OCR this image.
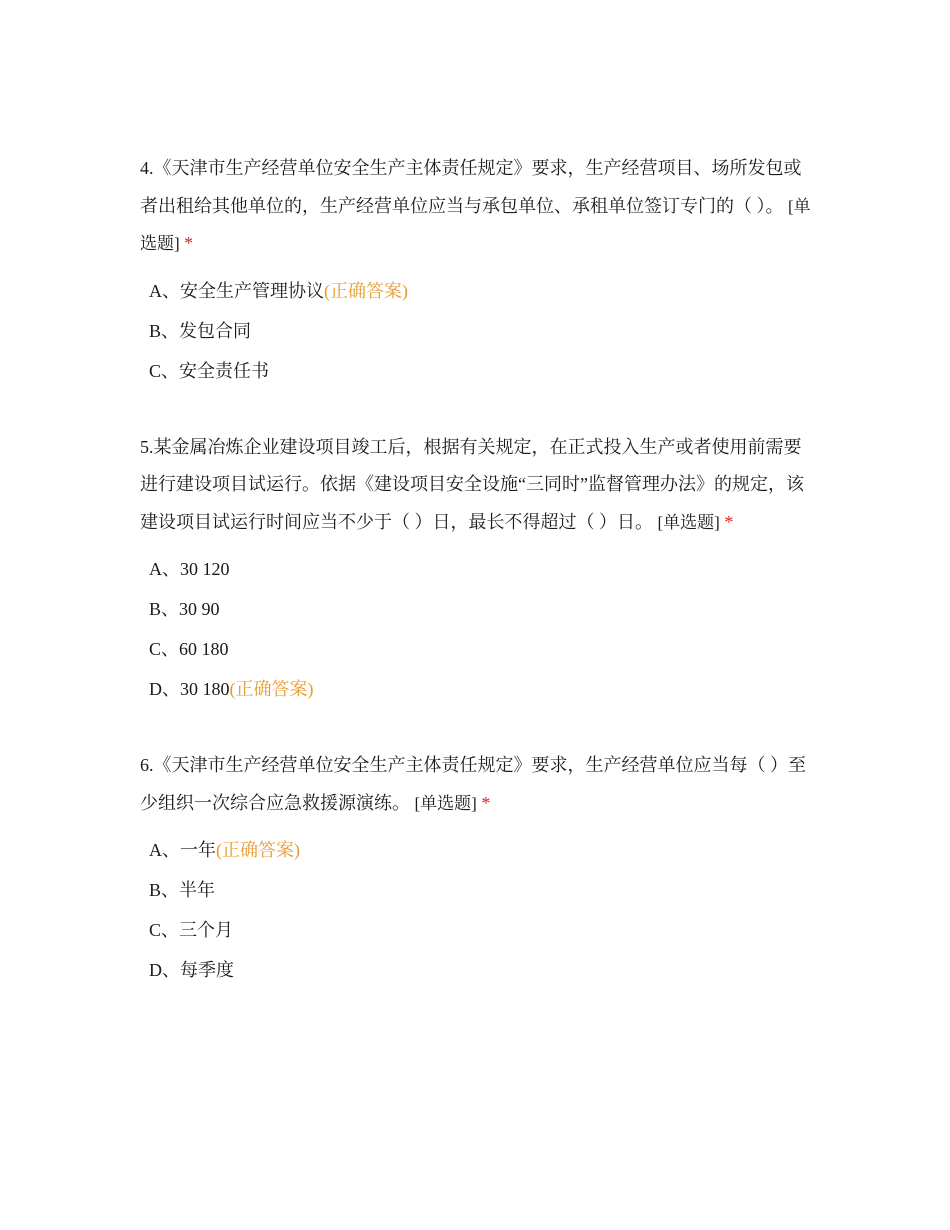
4.《天津市生产经营单位安全生产主体责任规定》要求，生产经营项目、场所发包或者出租给其他单位的，生产经营单位应当与承包单位、承租单位签订专门的（ ）。 [单选题] *
A、安全生产管理协议(正确答案)
B、发包合同
C、安全责任书
5.某金属冶炼企业建设项目竣工后，根据有关规定，在正式投入生产或者使用前需要进行建设项目试运行。依据《建设项目安全设施“三同时”监督管理办法》的规定，该建设项目试运行时间应当不少于（ ）日，最长不得超过（ ）日。 [单选题] *
A、30 120
B、30 90
C、60 180
D、30 180(正确答案)
6.《天津市生产经营单位安全生产主体责任规定》要求，生产经营单位应当每（ ）至少组织一次综合应急救援源演练。 [单选题] *
A、一年(正确答案)
B、半年
C、三个月
D、每季度
